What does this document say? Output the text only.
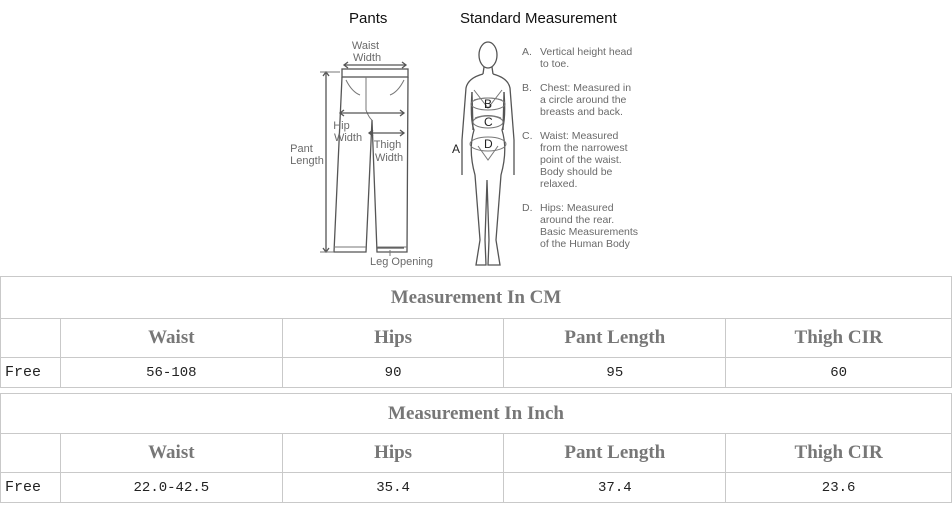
Pants	Standard Measurement
Waist Width
Hip Width
Thigh Width
Pant Length
Leg Opening
A
B
C
D
A. Vertical height head to toe.
B. Chest: Measured in a circle around the breasts and back.
C. Waist: Measured from the narrowest point of the waist. Body should be relaxed.
D. Hips: Measured around the rear. Basic Measurements of the Human Body
Measurement In CM				
	Waist	Hips	Pant Length	Thigh CIR
Free	56-108	90	95	60
Measurement In Inch				
	Waist	Hips	Pant Length	Thigh CIR
Free	22.0-42.5	35.4	37.4	23.6
